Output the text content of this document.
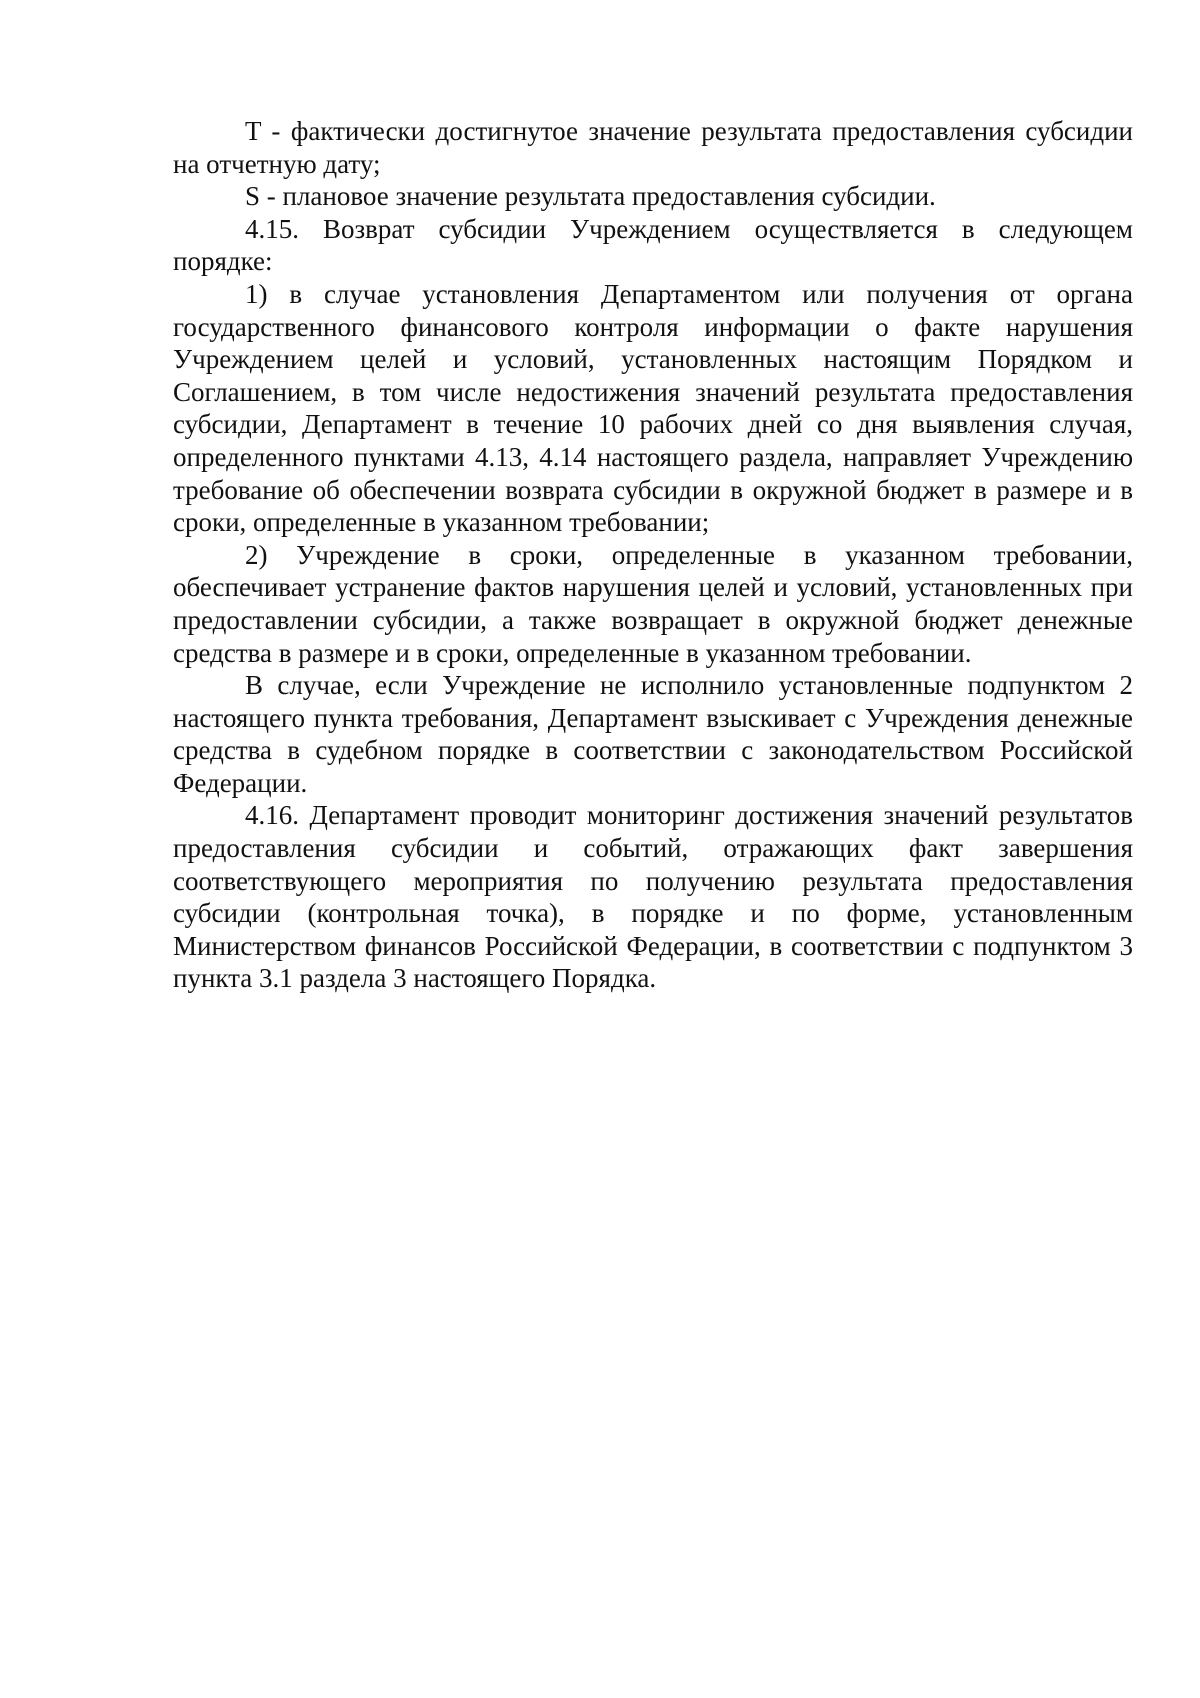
T - фактически достигнутое значение результата предоставления субсидии на отчетную дату;

S - плановое значение результата предоставления субсидии.

4.15. Возврат субсидии Учреждением осуществляется в следующем порядке:

1) в случае установления Департаментом или получения от органа государственного финансового контроля информации о факте нарушения Учреждением целей и условий, установленных настоящим Порядком и Соглашением, в том числе недостижения значений результата предоставления субсидии, Департамент в течение 10 рабочих дней со дня выявления случая, определенного пунктами 4.13, 4.14 настоящего раздела, направляет Учреждению требование об обеспечении возврата субсидии в окружной бюджет в размере и в сроки, определенные в указанном требовании;

2) Учреждение в сроки, определенные в указанном требовании, обеспечивает устранение фактов нарушения целей и условий, установленных при предоставлении субсидии, а также возвращает в окружной бюджет денежные средства в размере и в сроки, определенные в указанном требовании.

В случае, если Учреждение не исполнило установленные подпунктом 2 настоящего пункта требования, Департамент взыскивает с Учреждения денежные средства в судебном порядке в соответствии с законодательством Российской Федерации.

4.16. Департамент проводит мониторинг достижения значений результатов предоставления субсидии и событий, отражающих факт завершения соответствующего мероприятия по получению результата предоставления субсидии (контрольная точка), в порядке и по форме, установленным Министерством финансов Российской Федерации, в соответствии с подпунктом 3 пункта 3.1 раздела 3 настоящего Порядка.
